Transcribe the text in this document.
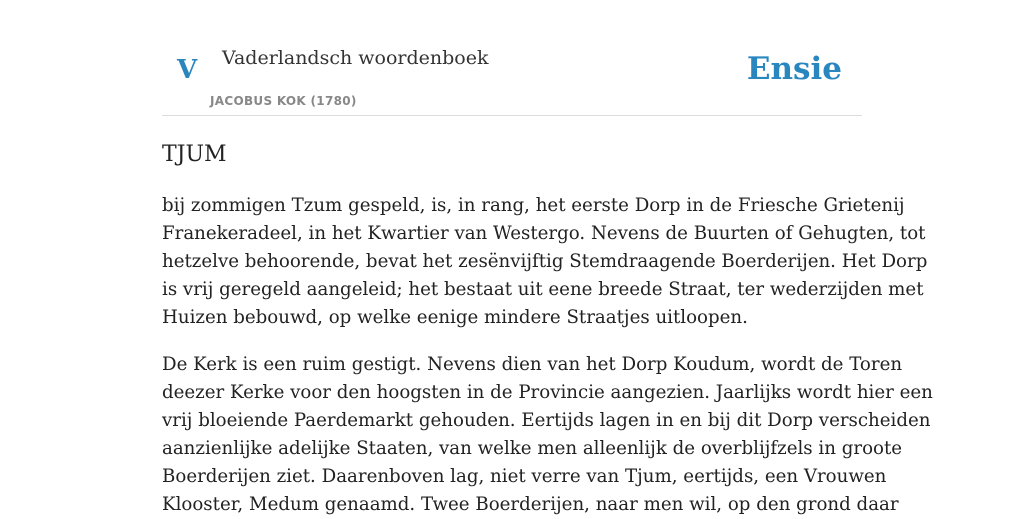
V Vaderlandsch woordenboek
JACOBUS KOK (1780)
Ensie
TJUM

bij zommigen Tzum gespeld, is, in rang, het eerste Dorp in de Friesche Grietenij
Franekeradeel, in het Kwartier van Westergo. Nevens de Buurten of Gehugten, tot
hetzelve behoorende, bevat het zesënvijftig Stemdraagende Boerderijen. Het Dorp
is vrij geregeld aangeleid; het bestaat uit eene breede Straat, ter wederzijden met
Huizen bebouwd, op welke eenige mindere Straatjes uitloopen.

De Kerk is een ruim gestigt. Nevens dien van het Dorp Koudum, wordt de Toren
deezer Kerke voor den hoogsten in de Provincie aangezien. Jaarlijks wordt hier een
vrij bloeiende Paerdemarkt gehouden. Eertijds lagen in en bij dit Dorp verscheiden
aanzienlijke adelijke Staaten, van welke men alleenlijk de overblijfzels in groote
Boerderijen ziet. Daarenboven lag, niet verre van Tjum, eertijds, een Vrouwen
Klooster, Medum genaamd. Twee Boerderijen, naar men wil, op den grond daar
